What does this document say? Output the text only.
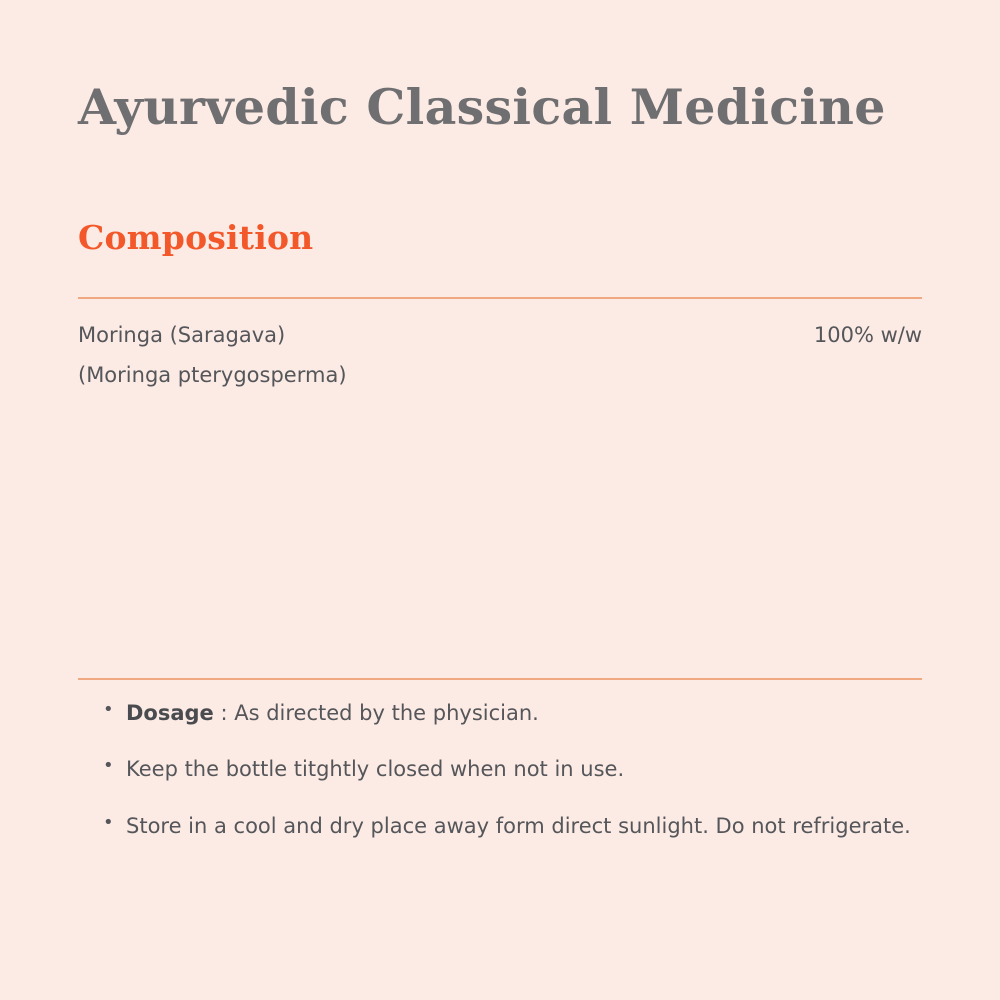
Ayurvedic Classical Medicine
Composition
Moringa (Saragava)	100% w/w
(Moringa pterygosperma)
• Dosage : As directed by the physician.
• Keep the bottle titghtly closed when not in use.
• Store in a cool and dry place away form direct sunlight. Do not refrigerate.
